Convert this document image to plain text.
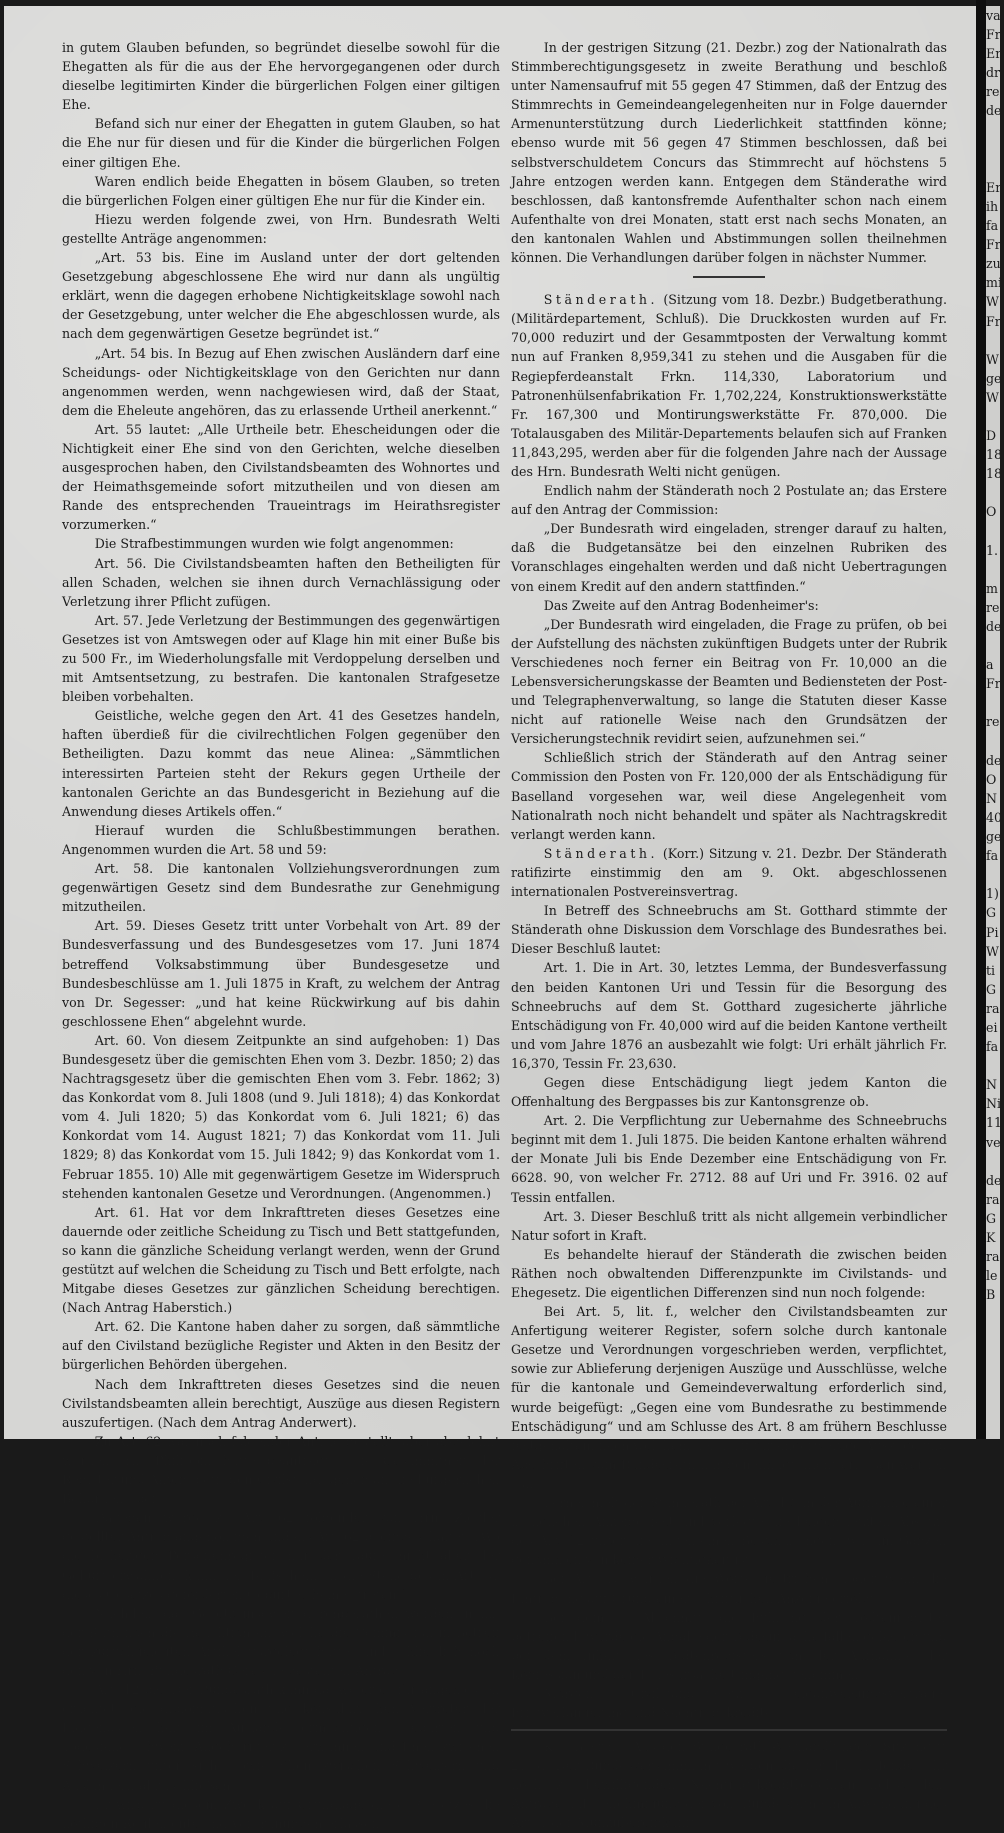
in gutem Glauben befunden, so begründet dieselbe sowohl für die Ehegatten als für die aus der Ehe hervorgegangenen oder durch dieselbe legitimirten Kinder die bürgerlichen Folgen einer giltigen Ehe.

Befand sich nur einer der Ehegatten in gutem Glauben, so hat die Ehe nur für diesen und für die Kinder die bürgerlichen Folgen einer giltigen Ehe.

Waren endlich beide Ehegatten in bösem Glauben, so treten die bürgerlichen Folgen einer gültigen Ehe nur für die Kinder ein.

Hiezu werden folgende zwei, von Hrn. Bundesrath Welti gestellte Anträge angenommen:

„Art. 53 bis. Eine im Ausland unter der dort geltenden Gesetzgebung abgeschlossene Ehe wird nur dann als ungültig erklärt, wenn die dagegen erhobene Nichtigkeitsklage sowohl nach der Gesetzgebung, unter welcher die Ehe abgeschlossen wurde, als nach dem gegenwärtigen Gesetze begründet ist.“

„Art. 54 bis. In Bezug auf Ehen zwischen Ausländern darf eine Scheidungs- oder Nichtigkeitsklage von den Gerichten nur dann angenommen werden, wenn nachgewiesen wird, daß der Staat, dem die Eheleute angehören, das zu erlassende Urtheil anerkennt.“

Art. 55 lautet: „Alle Urtheile betr. Ehescheidungen oder die Nichtigkeit einer Ehe sind von den Gerichten, welche dieselben ausgesprochen haben, den Civilstandsbeamten des Wohnortes und der Heimathsgemeinde sofort mitzutheilen und von diesen am Rande des entsprechenden Traueintrags im Heirathsregister vorzumerken.“

Die Strafbestimmungen wurden wie folgt angenommen:

Art. 56. Die Civilstandsbeamten haften den Betheiligten für allen Schaden, welchen sie ihnen durch Vernachlässigung oder Verletzung ihrer Pflicht zufügen.

Art. 57. Jede Verletzung der Bestimmungen des gegenwärtigen Gesetzes ist von Amtswegen oder auf Klage hin mit einer Buße bis zu 500 Fr., im Wiederholungsfalle mit Verdoppelung derselben und mit Amtsentsetzung, zu bestrafen. Die kantonalen Strafgesetze bleiben vorbehalten.

Geistliche, welche gegen den Art. 41 des Gesetzes handeln, haften überdieß für die civilrechtlichen Folgen gegenüber den Betheiligten. Dazu kommt das neue Alinea: „Sämmtlichen interessirten Parteien steht der Rekurs gegen Urtheile der kantonalen Gerichte an das Bundesgericht in Beziehung auf die Anwendung dieses Artikels offen.“

Hierauf wurden die Schlußbestimmungen berathen. Angenommen wurden die Art. 58 und 59:

Art. 58. Die kantonalen Vollziehungsverordnungen zum gegenwärtigen Gesetz sind dem Bundesrathe zur Genehmigung mitzutheilen.

Art. 59. Dieses Gesetz tritt unter Vorbehalt von Art. 89 der Bundesverfassung und des Bundesgesetzes vom 17. Juni 1874 betreffend Volksabstimmung über Bundesgesetze und Bundesbeschlüsse am 1. Juli 1875 in Kraft, zu welchem der Antrag von Dr. Segesser: „und hat keine Rückwirkung auf bis dahin geschlossene Ehen“ abgelehnt wurde.

Art. 60. Von diesem Zeitpunkte an sind aufgehoben: 1) Das Bundesgesetz über die gemischten Ehen vom 3. Dezbr. 1850; 2) das Nachtragsgesetz über die gemischten Ehen vom 3. Febr. 1862; 3) das Konkordat vom 8. Juli 1808 (und 9. Juli 1818); 4) das Konkordat vom 4. Juli 1820; 5) das Konkordat vom 6. Juli 1821; 6) das Konkordat vom 14. August 1821; 7) das Konkordat vom 11. Juli 1829; 8) das Konkordat vom 15. Juli 1842; 9) das Konkordat vom 1. Februar 1855. 10) Alle mit gegenwärtigem Gesetze im Widerspruch stehenden kantonalen Gesetze und Verordnungen. (Angenommen.)

Art. 61. Hat vor dem Inkrafttreten dieses Gesetzes eine dauernde oder zeitliche Scheidung zu Tisch und Bett stattgefunden, so kann die gänzliche Scheidung verlangt werden, wenn der Grund gestützt auf welchen die Scheidung zu Tisch und Bett erfolgte, nach Mitgabe dieses Gesetzes zur gänzlichen Scheidung berechtigen. (Nach Antrag Haberstich.)

Art. 62. Die Kantone haben daher zu sorgen, daß sämmtliche auf den Civilstand bezügliche Register und Akten in den Besitz der bürgerlichen Behörden übergehen.

Nach dem Inkrafttreten dieses Gesetzes sind die neuen Civilstandsbeamten allein berechtigt, Auszüge aus diesen Registern auszufertigen. (Nach dem Antrag Anderwert).

Zu Art. 62 war noch folgender Antrag gestellt, aber abgelehnt worden: Hr. Philippin hatte beantragt: „Die Gesammtheit der Register und Akten, betr. den Civilstand, gehen an die bürgerlichen Behörden über.“

Dagegen wurde zu Art. 62 folgender von Hrn. Ziegler gestellter Antrag angenommen und als Art. 62 b. eingeschaltet: „Wo die bisherigen Personenregister nur der Taufe, nicht aber der Geburt erwähnen, kann der Taufschein an die Stelle des in Art. 31 dieses Gesetzes geforderten Geburtsscheines treten.“

Nachdem das Gesetz insoweit durchberathen worden, nahm der Rath noch die Redaktion an, welche die Commission in Betreff der zurückgelegten Artikel vorgelegt hatte, und schließlich noch den von Hrn. Bundesrath Ceresole gestellten Antrag:

Art. 12 bis. Der Bundesrath kann da, wo er es für angemessen erachtet, die diplomatischen und konsularischen Vertreter der Eidgenossenschaft im Auslande ermächtigen, Geburten und Todesfälle schweiz. Angehöriger zu erwähnen und Ehen zwischen Schweizern unter sich, sowie Ehen zwischen Schweizern und Ausländern abzuschließen.

Er wird zu diesem Zweck auf Grundlage dieses Gesetzes die nöthigen Reglemente und Verordnungen erlassen.

In der gestrigen Sitzung (21. Dezbr.) zog der Nationalrath das Stimmberechtigungsgesetz in zweite Berathung und beschloß unter Namensaufruf mit 55 gegen 47 Stimmen, daß der Entzug des Stimmrechts in Gemeindeangelegenheiten nur in Folge dauernder Armenunterstützung durch Liederlichkeit stattfinden könne; ebenso wurde mit 56 gegen 47 Stimmen beschlossen, daß bei selbstverschuldetem Concurs das Stimmrecht auf höchstens 5 Jahre entzogen werden kann. Entgegen dem Ständerathe wird beschlossen, daß kantonsfremde Aufenthalter schon nach einem Aufenthalte von drei Monaten, statt erst nach sechs Monaten, an den kantonalen Wahlen und Abstimmungen sollen theilnehmen können. Die Verhandlungen darüber folgen in nächster Nummer.

Ständerath. (Sitzung vom 18. Dezbr.) Budgetberathung. (Militärdepartement, Schluß). Die Druckkosten wurden auf Fr. 70,000 reduzirt und der Gesammtposten der Verwaltung kommt nun auf Franken 8,959,341 zu stehen und die Ausgaben für die Regiepferdeanstalt Frkn. 114,330, Laboratorium und Patronenhülsenfabrikation Fr. 1,702,224, Konstruktionswerkstätte Fr. 167,300 und Montirungswerkstätte Fr. 870,000. Die Totalausgaben des Militär-Departements belaufen sich auf Franken 11,843,295, werden aber für die folgenden Jahre nach der Aussage des Hrn. Bundesrath Welti nicht genügen.

Endlich nahm der Ständerath noch 2 Postulate an; das Erstere auf den Antrag der Commission:

„Der Bundesrath wird eingeladen, strenger darauf zu halten, daß die Budgetansätze bei den einzelnen Rubriken des Voranschlages eingehalten werden und daß nicht Uebertragungen von einem Kredit auf den andern stattfinden.“

Das Zweite auf den Antrag Bodenheimer's:

„Der Bundesrath wird eingeladen, die Frage zu prüfen, ob bei der Aufstellung des nächsten zukünftigen Budgets unter der Rubrik Verschiedenes noch ferner ein Beitrag von Fr. 10,000 an die Lebensversicherungskasse der Beamten und Bediensteten der Post- und Telegraphenverwaltung, so lange die Statuten dieser Kasse nicht auf rationelle Weise nach den Grundsätzen der Versicherungstechnik revidirt seien, aufzunehmen sei.“

Schließlich strich der Ständerath auf den Antrag seiner Commission den Posten von Fr. 120,000 der als Entschädigung für Baselland vorgesehen war, weil diese Angelegenheit vom Nationalrath noch nicht behandelt und später als Nachtragskredit verlangt werden kann.

Ständerath. (Korr.) Sitzung v. 21. Dezbr. Der Ständerath ratifizirte einstimmig den am 9. Okt. abgeschlossenen internationalen Postvereinsvertrag.

In Betreff des Schneebruchs am St. Gotthard stimmte der Ständerath ohne Diskussion dem Vorschlage des Bundesrathes bei. Dieser Beschluß lautet:

Art. 1. Die in Art. 30, letztes Lemma, der Bundesverfassung den beiden Kantonen Uri und Tessin für die Besorgung des Schneebruchs auf dem St. Gotthard zugesicherte jährliche Entschädigung von Fr. 40,000 wird auf die beiden Kantone vertheilt und vom Jahre 1876 an ausbezahlt wie folgt: Uri erhält jährlich Fr. 16,370, Tessin Fr. 23,630.

Gegen diese Entschädigung liegt jedem Kanton die Offenhaltung des Bergpasses bis zur Kantonsgrenze ob.

Art. 2. Die Verpflichtung zur Uebernahme des Schneebruchs beginnt mit dem 1. Juli 1875. Die beiden Kantone erhalten während der Monate Juli bis Ende Dezember eine Entschädigung von Fr. 6628. 90, von welcher Fr. 2712. 88 auf Uri und Fr. 3916. 02 auf Tessin entfallen.

Art. 3. Dieser Beschluß tritt als nicht allgemein verbindlicher Natur sofort in Kraft.

Es behandelte hierauf der Ständerath die zwischen beiden Räthen noch obwaltenden Differenzpunkte im Civilstands- und Ehegesetz. Die eigentlichen Differenzen sind nun noch folgende:

Bei Art. 5, lit. f., welcher den Civilstandsbeamten zur Anfertigung weiterer Register, sofern solche durch kantonale Gesetze und Verordnungen vorgeschrieben werden, verpflichtet, sowie zur Ablieferung derjenigen Auszüge und Ausschlüsse, welche für die kantonale und Gemeindeverwaltung erforderlich sind, wurde beigefügt: „Gegen eine vom Bundesrathe zu bestimmende Entschädigung“ und am Schlusse des Art. 8 am frühern Beschlusse festgehalten, nach welchem der Tarif für anderweitige Auszüge und Abschriften vom Bundesrath nur genehmigt, nicht erlassen werden soll.

Ferner hielt der Ständerath bei Art. 13 an der Aufnahme einer mündlichen Anzeige fest und verlegte die beiden letzten Absätze des Art. 12 unter die allgemeinen Bestimmungen, was im Ganzen genommen von keiner Wichtigkeit ist.

Bei Art. 16 wurden die Worte gestrichen: „oder wenn die Eintragung auf Grund einer schriftlichen Anzeige erfolgt.“

Bei dem 3. Abschnitt, die Führung der Todtenregister betreffend, wurde die Angabe der Todesursache fallen gelassen und bei dem Inhalt des Todtenregisters von der Aufnahme der Konfession und der Todesursache Umgang genommen.

Morgen Civilstandsgesetz, Geldanweisungsverträge, Fristverlängerung und Nachtragskredite.

K. Bern. Aus den Bundesraths-Verhandlungen. Sitzung v. 21. d. Der Bundesversammlung werden die für das laufende Jahr noch zu bewilligenden Nachtragskreditbegehren nebst dem Antrage auf Genehmigung der vom Bundesrathe in Anwendung des Art. 1 der Münzübereinkunft

va
Fr
Er
dr
rei
de
Er
ih
fa
Fr
zu
mi
W
Fr
W
ge
W
D
18
18
O
1.
m
re
de
a
Fr
re
de
O
N
40
ge
fa
1)
G
Pi
W
ti
G
ra
ei
fa
N
Ni
11
ve
de
ra
G
K
ra
le
B
